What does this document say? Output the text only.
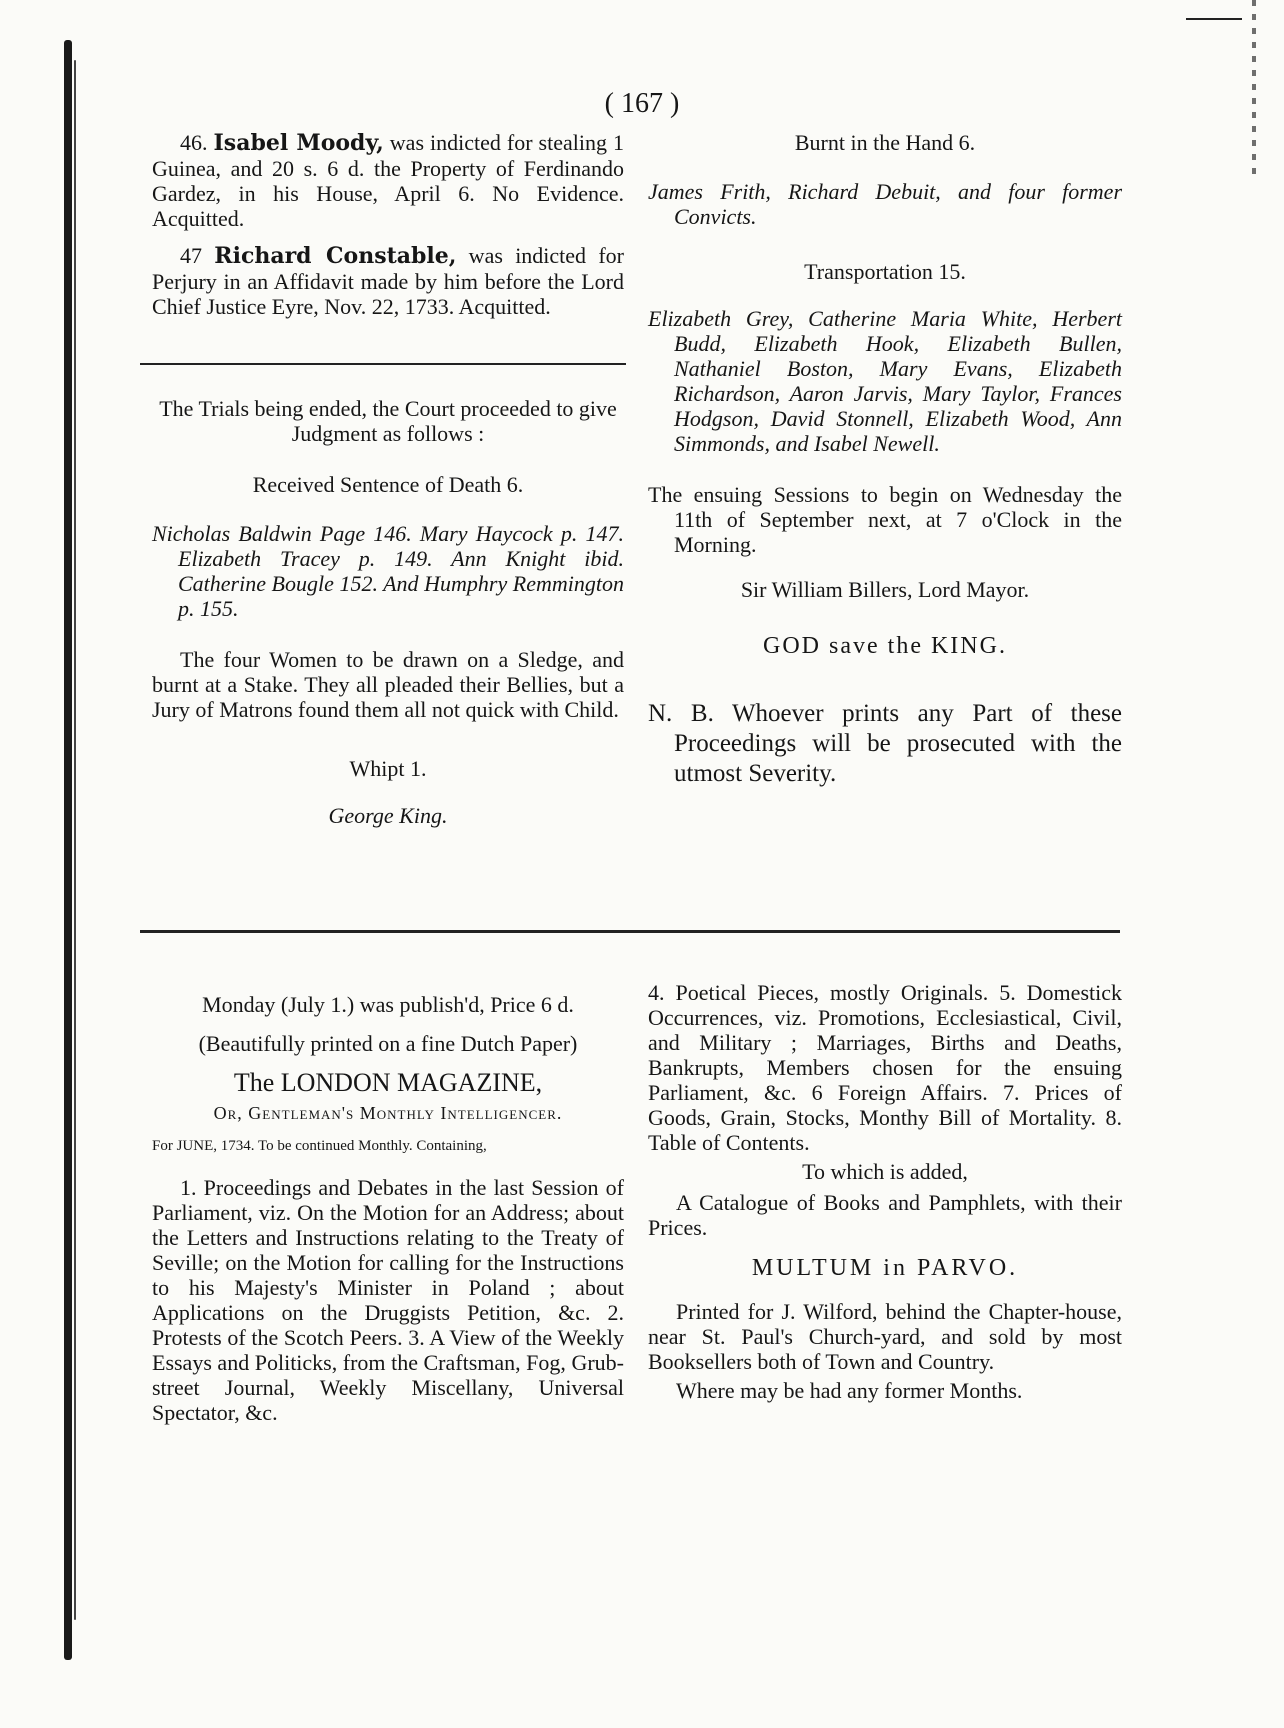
( 167 )

46. Isabel Moody, was indicted for stealing 1 Guinea, and 20 s. 6 d. the Property of Ferdinando Gardez, in his House, April 6. No Evidence. Acquitted.

47 Richard Constable, was indicted for Perjury in an Affidavit made by him before the Lord Chief Justice Eyre, Nov. 22, 1733. Acquitted.

The Trials being ended, the Court proceeded to give Judgment as follows :

Received Sentence of Death 6.

Nicholas Baldwin Page 146. Mary Haycock p. 147. Elizabeth Tracey p. 149. Ann Knight ibid. Catherine Bougle 152. And Humphry Remmington p. 155.

The four Women to be drawn on a Sledge, and burnt at a Stake. They all pleaded their Bellies, but a Jury of Matrons found them all not quick with Child.

Whipt 1.

George King.

Burnt in the Hand 6.

James Frith, Richard Debuit, and four former Convicts.

Transportation 15.

Elizabeth Grey, Catherine Maria White, Herbert Budd, Elizabeth Hook, Elizabeth Bullen, Nathaniel Boston, Mary Evans, Elizabeth Richardson, Aaron Jarvis, Mary Taylor, Frances Hodgson, David Stonnell, Elizabeth Wood, Ann Simmonds, and Isabel Newell.

The ensuing Sessions to begin on Wednesday the 11th of September next, at 7 o'Clock in the Morning.

Sir William Billers, Lord Mayor.

GOD save the KING.

N. B. Whoever prints any Part of these Proceedings will be prosecuted with the utmost Severity.

Monday (July 1.) was publish'd, Price 6 d.

(Beautifully printed on a fine Dutch Paper)

The LONDON MAGAZINE,

Or, Gentleman's Monthly Intelligencer.

For JUNE, 1734. To be continued Monthly. Containing,

1. Proceedings and Debates in the last Session of Parliament, viz. On the Motion for an Address; about the Letters and Instructions relating to the Treaty of Seville; on the Motion for calling for the Instructions to his Majesty's Minister in Poland ; about Applications on the Druggists Petition, &c. 2. Protests of the Scotch Peers. 3. A View of the Weekly Essays and Politicks, from the Craftsman, Fog, Grub-street Journal, Weekly Miscellany, Universal Spectator, &c.

4. Poetical Pieces, mostly Originals. 5. Domestick Occurrences, viz. Promotions, Ecclesiastical, Civil, and Military ; Marriages, Births and Deaths, Bankrupts, Members chosen for the ensuing Parliament, &c. 6 Foreign Affairs. 7. Prices of Goods, Grain, Stocks, Monthy Bill of Mortality. 8. Table of Contents.

To which is added,

A Catalogue of Books and Pamphlets, with their Prices.

MULTUM in PARVO.

Printed for J. Wilford, behind the Chapter-house, near St. Paul's Church-yard, and sold by most Booksellers both of Town and Country.

Where may be had any former Months.
